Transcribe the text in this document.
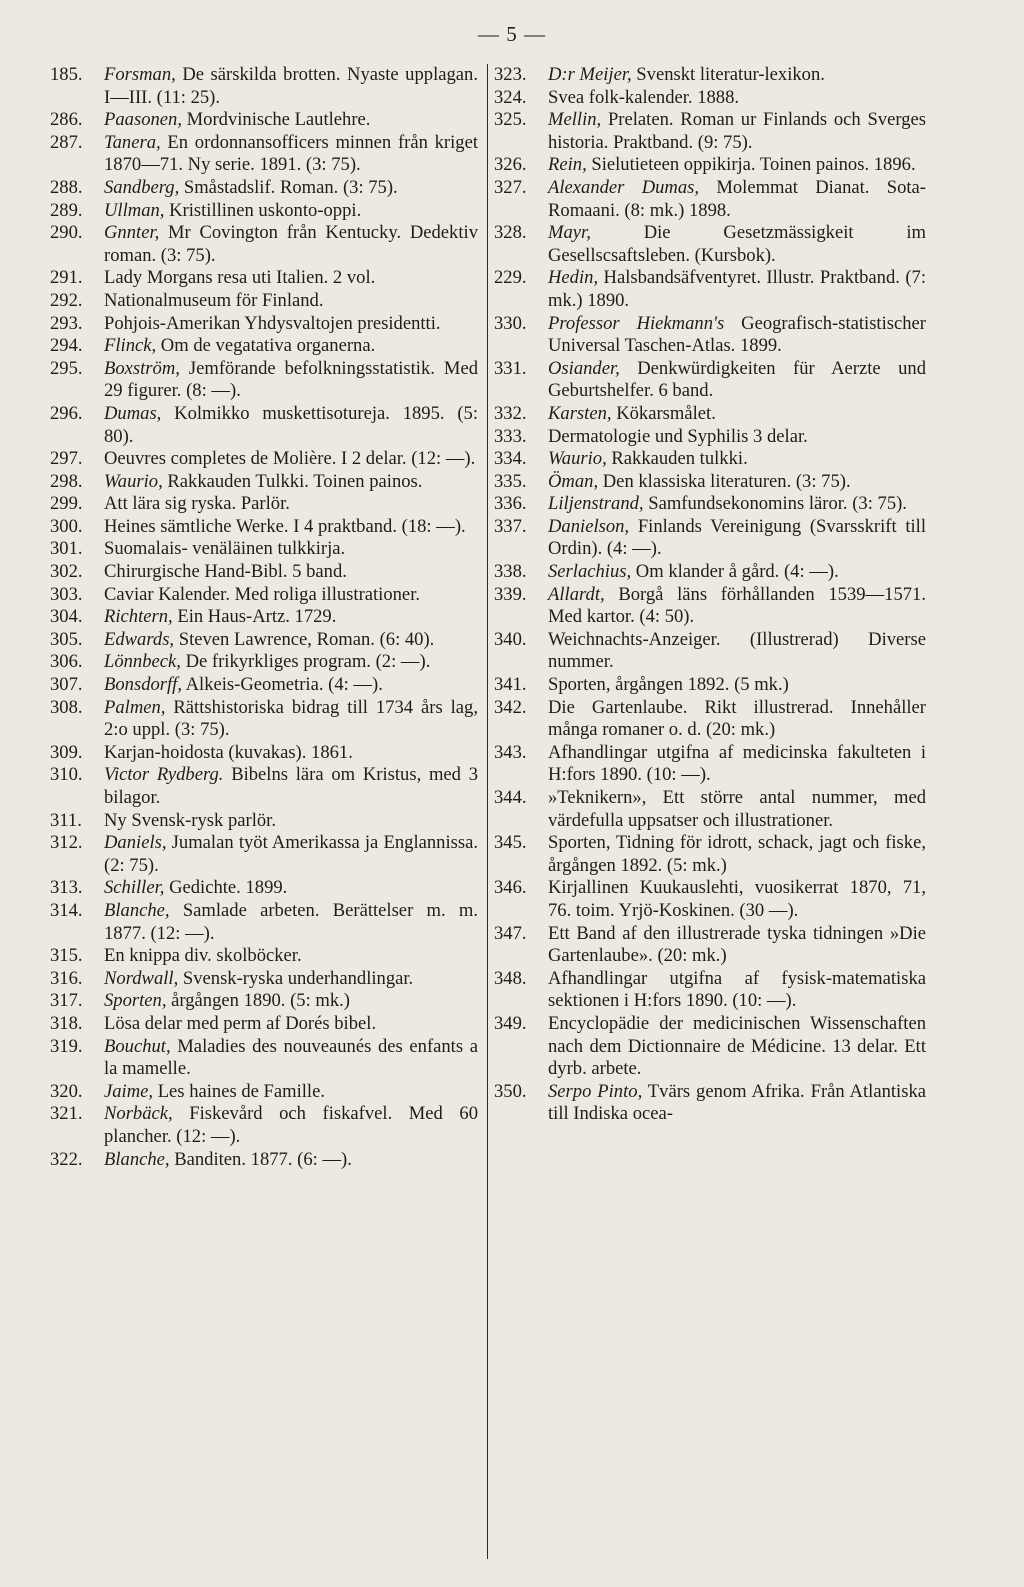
— 5 —
185.	Forsman, De särskilda brotten. Nyaste upplagan. I—III. (11: 25).
286.	Paasonen, Mordvinische Lautlehre.
287.	Tanera, En ordonnansofficers minnen från kriget 1870—71. Ny serie. 1891. (3: 75).
288.	Sandberg, Småstadslif. Roman. (3: 75).
289.	Ullman, Kristillinen uskonto-oppi.
290.	Gnnter, Mr Covington från Kentucky. Dedektiv roman. (3: 75).
291.	Lady Morgans resa uti Italien. 2 vol.
292.	Nationalmuseum för Finland.
293.	Pohjois-Amerikan Yhdysvaltojen presidentti.
294.	Flinck, Om de vegatativa organerna.
295.	Boxström, Jemförande befolkningsstatistik. Med 29 figurer. (8: —).
296.	Dumas, Kolmikko muskettisotureja. 1895. (5: 80).
297.	Oeuvres completes de Molière. I 2 delar. (12: —).
298.	Waurio, Rakkauden Tulkki. Toinen painos.
299.	Att lära sig ryska. Parlör.
300.	Heines sämtliche Werke. I 4 praktband. (18: —).
301.	Suomalais- venäläinen tulkkirja.
302.	Chirurgische Hand-Bibl. 5 band.
303.	Caviar Kalender. Med roliga illustrationer.
304.	Richtern, Ein Haus-Artz. 1729.
305.	Edwards, Steven Lawrence, Roman. (6: 40).
306.	Lönnbeck, De frikyrkliges program. (2: —).
307.	Bonsdorff, Alkeis-Geometria. (4: —).
308.	Palmen, Rättshistoriska bidrag till 1734 års lag, 2:o uppl. (3: 75).
309.	Karjan-hoidosta (kuvakas). 1861.
310.	Victor Rydberg. Bibelns lära om Kristus, med 3 bilagor.
311.	Ny Svensk-rysk parlör.
312.	Daniels, Jumalan työt Amerikassa ja Englannissa. (2: 75).
313.	Schiller, Gedichte. 1899.
314.	Blanche, Samlade arbeten. Berättelser m. m. 1877. (12: —).
315.	En knippa div. skolböcker.
316.	Nordwall, Svensk-ryska underhandlingar.
317.	Sporten, årgången 1890. (5: mk.)
318.	Lösa delar med perm af Dorés bibel.
319.	Bouchut, Maladies des nouveaunés des enfants a la mamelle.
320.	Jaime, Les haines de Famille.
321.	Norbäck, Fiskevård och fiskafvel. Med 60 plancher. (12: —).
322.	Blanche, Banditen. 1877. (6: —).
323.	D:r Meijer, Svenskt literatur-lexikon.
324.	Svea folk-kalender. 1888.
325.	Mellin, Prelaten. Roman ur Finlands och Sverges historia. Praktband. (9: 75).
326.	Rein, Sielutieteen oppikirja. Toinen painos. 1896.
327.	Alexander Dumas, Molemmat Dianat. Sota-Romaani. (8: mk.) 1898.
328.	Mayr, Die Gesetzmässigkeit im Gesellscsaftsleben. (Kursbok).
229.	Hedin, Halsbandsäfventyret. Illustr. Praktband. (7: mk.) 1890.
330.	Professor Hiekmann's Geografisch-statistischer Universal Taschen-Atlas. 1899.
331.	Osiander, Denkwürdigkeiten für Aerzte und Geburtshelfer. 6 band.
332.	Karsten, Kökarsmålet.
333.	Dermatologie und Syphilis 3 delar.
334.	Waurio, Rakkauden tulkki.
335.	Öman, Den klassiska literaturen. (3: 75).
336.	Liljenstrand, Samfundsekonomins läror. (3: 75).
337.	Danielson, Finlands Vereinigung (Svarsskrift till Ordin). (4: —).
338.	Serlachius, Om klander å gård. (4: —).
339.	Allardt, Borgå läns förhållanden 1539—1571. Med kartor. (4: 50).
340.	Weichnachts-Anzeiger. (Illustrerad) Diverse nummer.
341.	Sporten, årgången 1892. (5 mk.)
342.	Die Gartenlaube. Rikt illustrerad. Innehåller många romaner o. d. (20: mk.)
343.	Afhandlingar utgifna af medicinska fakulteten i H:fors 1890. (10: —).
344.	»Teknikern», Ett större antal nummer, med värdefulla uppsatser och illustrationer.
345.	Sporten, Tidning för idrott, schack, jagt och fiske, årgången 1892. (5: mk.)
346.	Kirjallinen Kuukauslehti, vuosikerrat 1870, 71, 76. toim. Yrjö-Koskinen. (30 —).
347.	Ett Band af den illustrerade tyska tidningen »Die Gartenlaube». (20: mk.)
348.	Afhandlingar utgifna af fysisk-matematiska sektionen i H:fors 1890. (10: —).
349.	Encyclopädie der medicinischen Wissenschaften nach dem Dictionnaire de Médicine. 13 delar. Ett dyrb. arbete.
350.	Serpo Pinto, Tvärs genom Afrika. Från Atlantiska till Indiska ocea-
